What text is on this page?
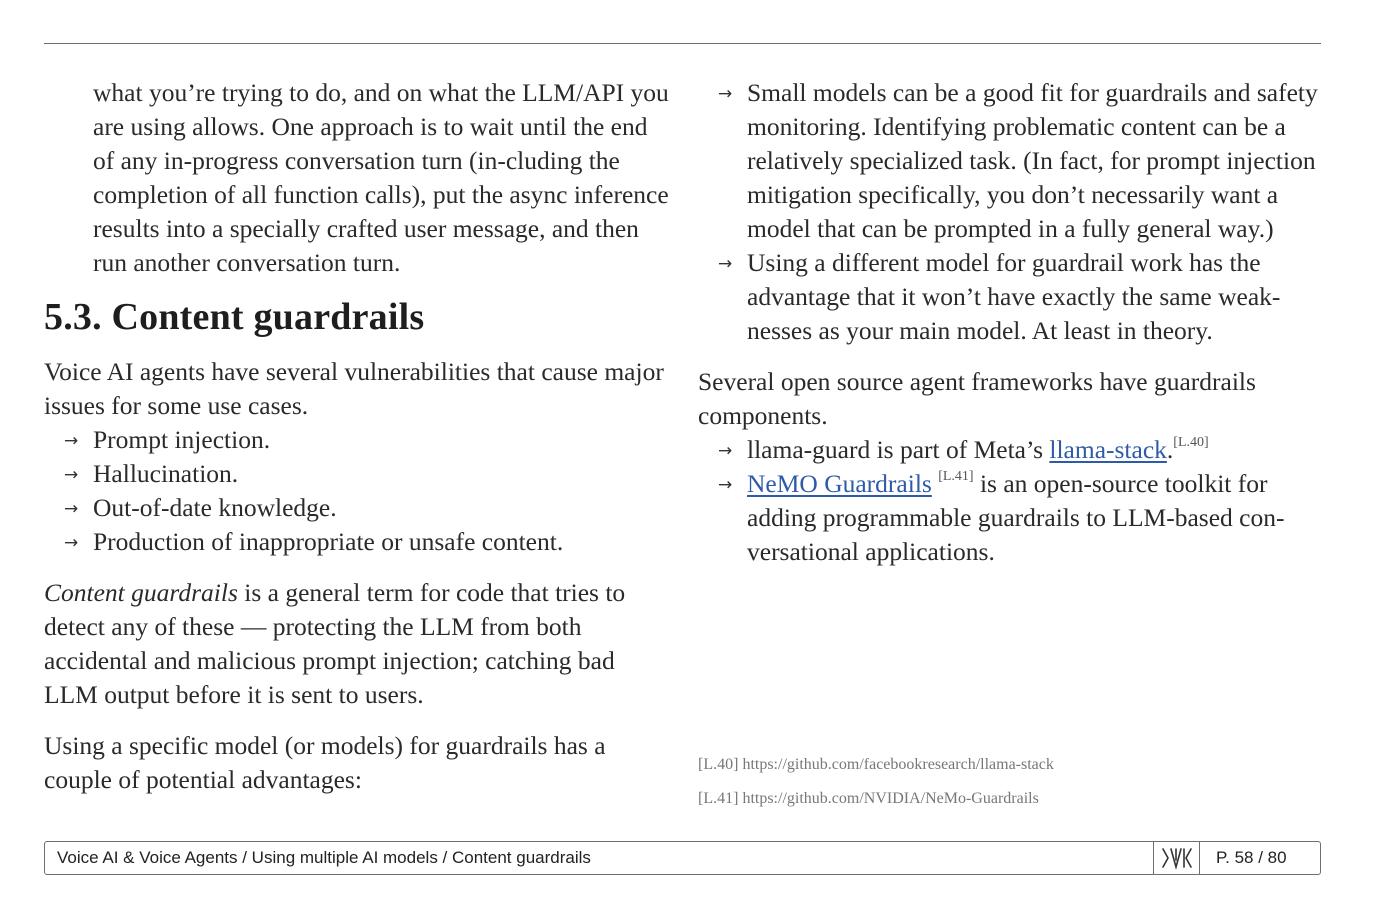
what you’re trying to do, and on what the LLM/API you are using allows. One approach is to wait until the end of any in-progress conversation turn (in-cluding the completion of all function calls), put the async inference results into a specially crafted user message, and then run another conversation turn.

5.3. Content guardrails

Voice AI agents have several vulnerabilities that cause major issues for some use cases.

→ Prompt injection.
→ Hallucination.
→ Out-of-date knowledge.
→ Production of inappropriate or unsafe content.

Content guardrails is a general term for code that tries to detect any of these — protecting the LLM from both accidental and malicious prompt injection; catching bad LLM output before it is sent to users.

Using a specific model (or models) for guardrails has a couple of potential advantages:

→ Small models can be a good fit for guardrails and safety monitoring. Identifying problematic content can be a relatively specialized task. (In fact, for prompt injection mitigation specifically, you don’t necessarily want a model that can be prompted in a fully general way.)
→ Using a different model for guardrail work has the advantage that it won’t have exactly the same weak-nesses as your main model. At least in theory.

Several open source agent frameworks have guardrails components.

→ llama-guard is part of Meta’s llama-stack.[L.40]
→ NeMO Guardrails [L.41] is an open-source toolkit for adding programmable guardrails to LLM-based con-versational applications.
[L.40] https://github.com/facebookresearch/llama-stack
[L.41] https://github.com/NVIDIA/NeMo-Guardrails
Voice AI & Voice Agents / Using multiple AI models / Content guardrails	P. 58 / 80
